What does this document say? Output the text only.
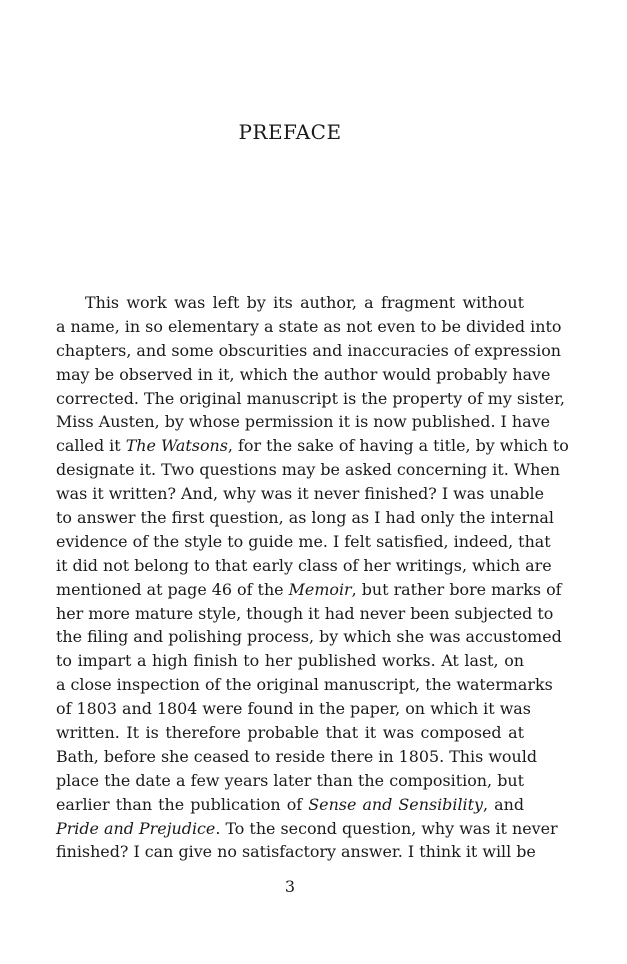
PREFACE
This work was left by its author, a fragment without
a name, in so elementary a state as not even to be divided into
chapters, and some obscurities and inaccuracies of expression
may be observed in it, which the author would probably have
corrected. The original manuscript is the property of my sister,
Miss Austen, by whose permission it is now published. I have
called it The Watsons, for the sake of having a title, by which to
designate it. Two questions may be asked concerning it. When
was it written? And, why was it never finished? I was unable
to answer the first question, as long as I had only the internal
evidence of the style to guide me. I felt satisfied, indeed, that
it did not belong to that early class of her writings, which are
mentioned at page 46 of the Memoir, but rather bore marks of
her more mature style, though it had never been subjected to
the filing and polishing process, by which she was accustomed
to impart a high finish to her published works. At last, on
a close inspection of the original manuscript, the watermarks
of 1803 and 1804 were found in the paper, on which it was
written. It is therefore probable that it was composed at
Bath, before she ceased to reside there in 1805. This would
place the date a few years later than the composition, but
earlier than the publication of Sense and Sensibility, and
Pride and Prejudice. To the second question, why was it never
finished? I can give no satisfactory answer. I think it will be
3
